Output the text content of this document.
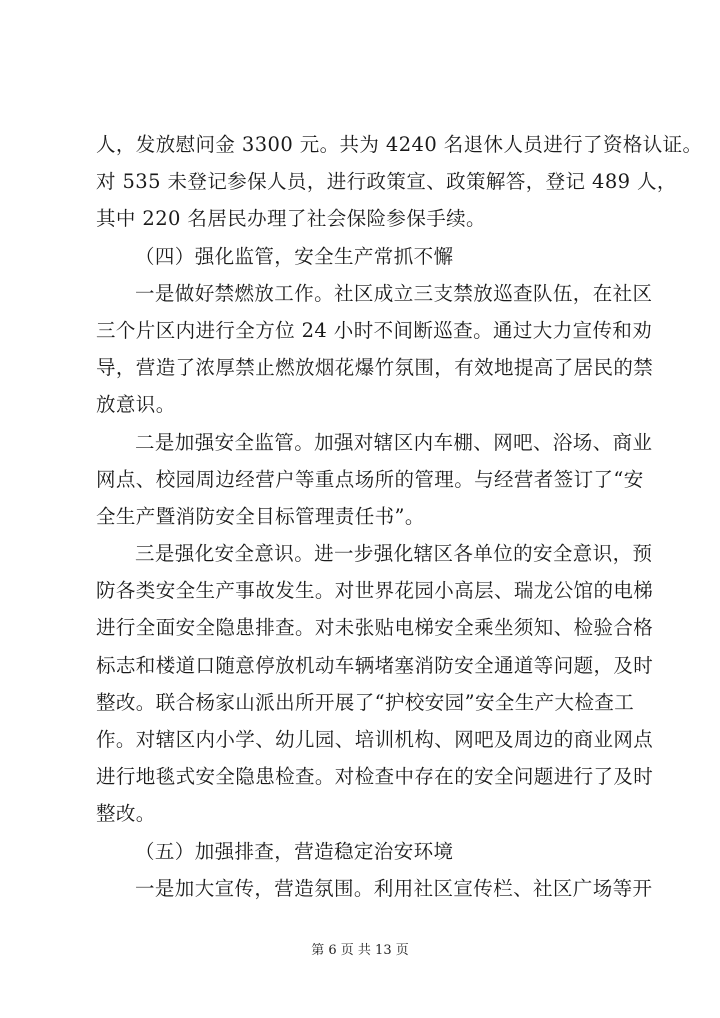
人，发放慰问金 3300 元。共为 4240 名退休人员进行了资格认证。
对 535 未登记参保人员，进行政策宣、政策解答，登记 489 人，
其中 220 名居民办理了社会保险参保手续。
（四）强化监管，安全生产常抓不懈
一是做好禁燃放工作。社区成立三支禁放巡查队伍，在社区
三个片区内进行全方位 24 小时不间断巡查。通过大力宣传和劝
导，营造了浓厚禁止燃放烟花爆竹氛围，有效地提高了居民的禁
放意识。
二是加强安全监管。加强对辖区内车棚、网吧、浴场、商业
网点、校园周边经营户等重点场所的管理。与经营者签订了“安
全生产暨消防安全目标管理责任书”。
三是强化安全意识。进一步强化辖区各单位的安全意识，预
防各类安全生产事故发生。对世界花园小高层、瑞龙公馆的电梯
进行全面安全隐患排查。对未张贴电梯安全乘坐须知、检验合格
标志和楼道口随意停放机动车辆堵塞消防安全通道等问题，及时
整改。联合杨家山派出所开展了“护校安园”安全生产大检查工
作。对辖区内小学、幼儿园、培训机构、网吧及周边的商业网点
进行地毯式安全隐患检查。对检查中存在的安全问题进行了及时
整改。
（五）加强排查，营造稳定治安环境
一是加大宣传，营造氛围。利用社区宣传栏、社区广场等开
第 6 页 共 13 页
